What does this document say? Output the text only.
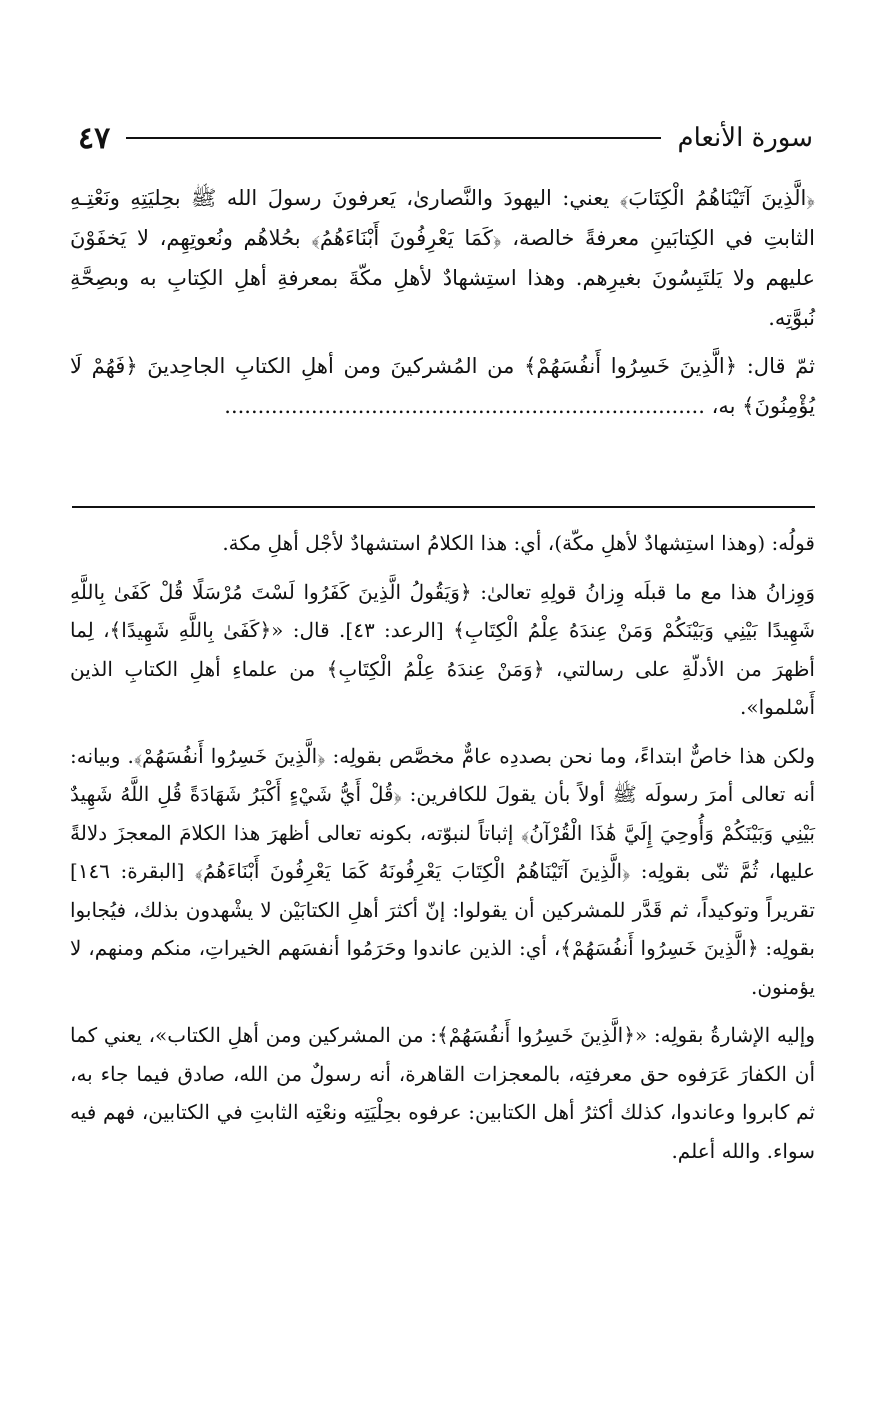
سورة الأنعام
٤٧

﴿الَّذِينَ آتَيْنَاهُمُ الْكِتَابَ﴾ يعني: اليهودَ والنَّصارىٰ، يَعرفونَ رسولَ الله ﷺ بحِليَتِهِ ونَعْتِـهِ الثابتِ في الكِتابَينِ معرفةً خالصة، ﴿كَمَا يَعْرِفُونَ أَبْنَاءَهُمُ﴾ بحُلاهُم ونُعوتِهِم، لا يَخفَوْنَ عليهم ولا يَلتَبِسُونَ بغيرِهم. وهذا استِشهادٌ لأهلِ مكّةَ بمعرفةِ أهلِ الكِتابِ به وبصِحَّةِ نُبوَّتِه.

ثمّ قال: ﴿الَّذِينَ خَسِرُوا أَنفُسَهُمْ﴾ من المُشركينَ ومن أهلِ الكتابِ الجاحِدينَ ﴿فَهُمْ لَا يُؤْمِنُونَ﴾ به، ........................................................................

قولُه: (وهذا استِشهادٌ لأهلِ مكّة)، أي: هذا الكلامُ استشهادٌ لأجْل أهلِ مكة.

وَوِزانُ هذا مع ما قبلَه وِزانُ قولِهِ تعالىٰ: ﴿وَيَقُولُ الَّذِينَ كَفَرُوا لَسْتَ مُرْسَلًا قُلْ كَفَىٰ بِاللَّهِ شَهِيدًا بَيْنِي وَبَيْنَكُمْ وَمَنْ عِندَهُ عِلْمُ الْكِتَابِ﴾ [الرعد: ٤٣]. قال: «﴿كَفَىٰ بِاللَّهِ شَهِيدًا﴾، لِما أظهرَ من الأدلّةِ على رسالتي، ﴿وَمَنْ عِندَهُ عِلْمُ الْكِتَابِ﴾ من علماءِ أهلِ الكتابِ الذين أَسْلموا».

ولكن هذا خاصٌّ ابتداءً، وما نحن بصددِه عامٌّ مخصَّص بقولِه: ﴿الَّذِينَ خَسِرُوا أَنفُسَهُمْ﴾. وبيانه: أنه تعالى أمرَ رسولَه ﷺ أولاً بأن يقولَ للكافرين: ﴿قُلْ أَيُّ شَيْءٍ أَكْبَرُ شَهَادَةً قُلِ اللَّهُ شَهِيدٌ بَيْنِي وَبَيْنَكُمْ وَأُوحِيَ إِلَيَّ هَٰذَا الْقُرْآنُ﴾ إثباتاً لنبوّته، بكونه تعالى أظهرَ هذا الكلامَ المعجزَ دلالةً عليها، ثُمَّ ثنّى بقولِه: ﴿الَّذِينَ آتَيْنَاهُمُ الْكِتَابَ يَعْرِفُونَهُ كَمَا يَعْرِفُونَ أَبْنَاءَهُمُ﴾ [البقرة: ١٤٦] تقريراً وتوكيداً، ثم قَدَّر للمشركين أن يقولوا: إنّ أكثرَ أهلِ الكتابَيْن لا يشْهدون بذلك، فيُجابوا بقولِه: ﴿الَّذِينَ خَسِرُوا أَنفُسَهُمْ﴾، أي: الذين عاندوا وحَرَمُوا أنفسَهم الخيراتِ، منكم ومنهم، لا يؤمنون.

وإليه الإشارةُ بقولِه: «﴿الَّذِينَ خَسِرُوا أَنفُسَهُمْ﴾: من المشركين ومن أهلِ الكتاب»، يعني كما أن الكفارَ عَرَفوه حق معرفتِه، بالمعجزات القاهرة، أنه رسولٌ من الله، صادق فيما جاء به، ثم كابروا وعاندوا، كذلك أكثرُ أهل الكتابين: عرفوه بحِلْيَتِه ونعْتِه الثابتِ في الكتابين، فهم فيه سواء. والله أعلم.
